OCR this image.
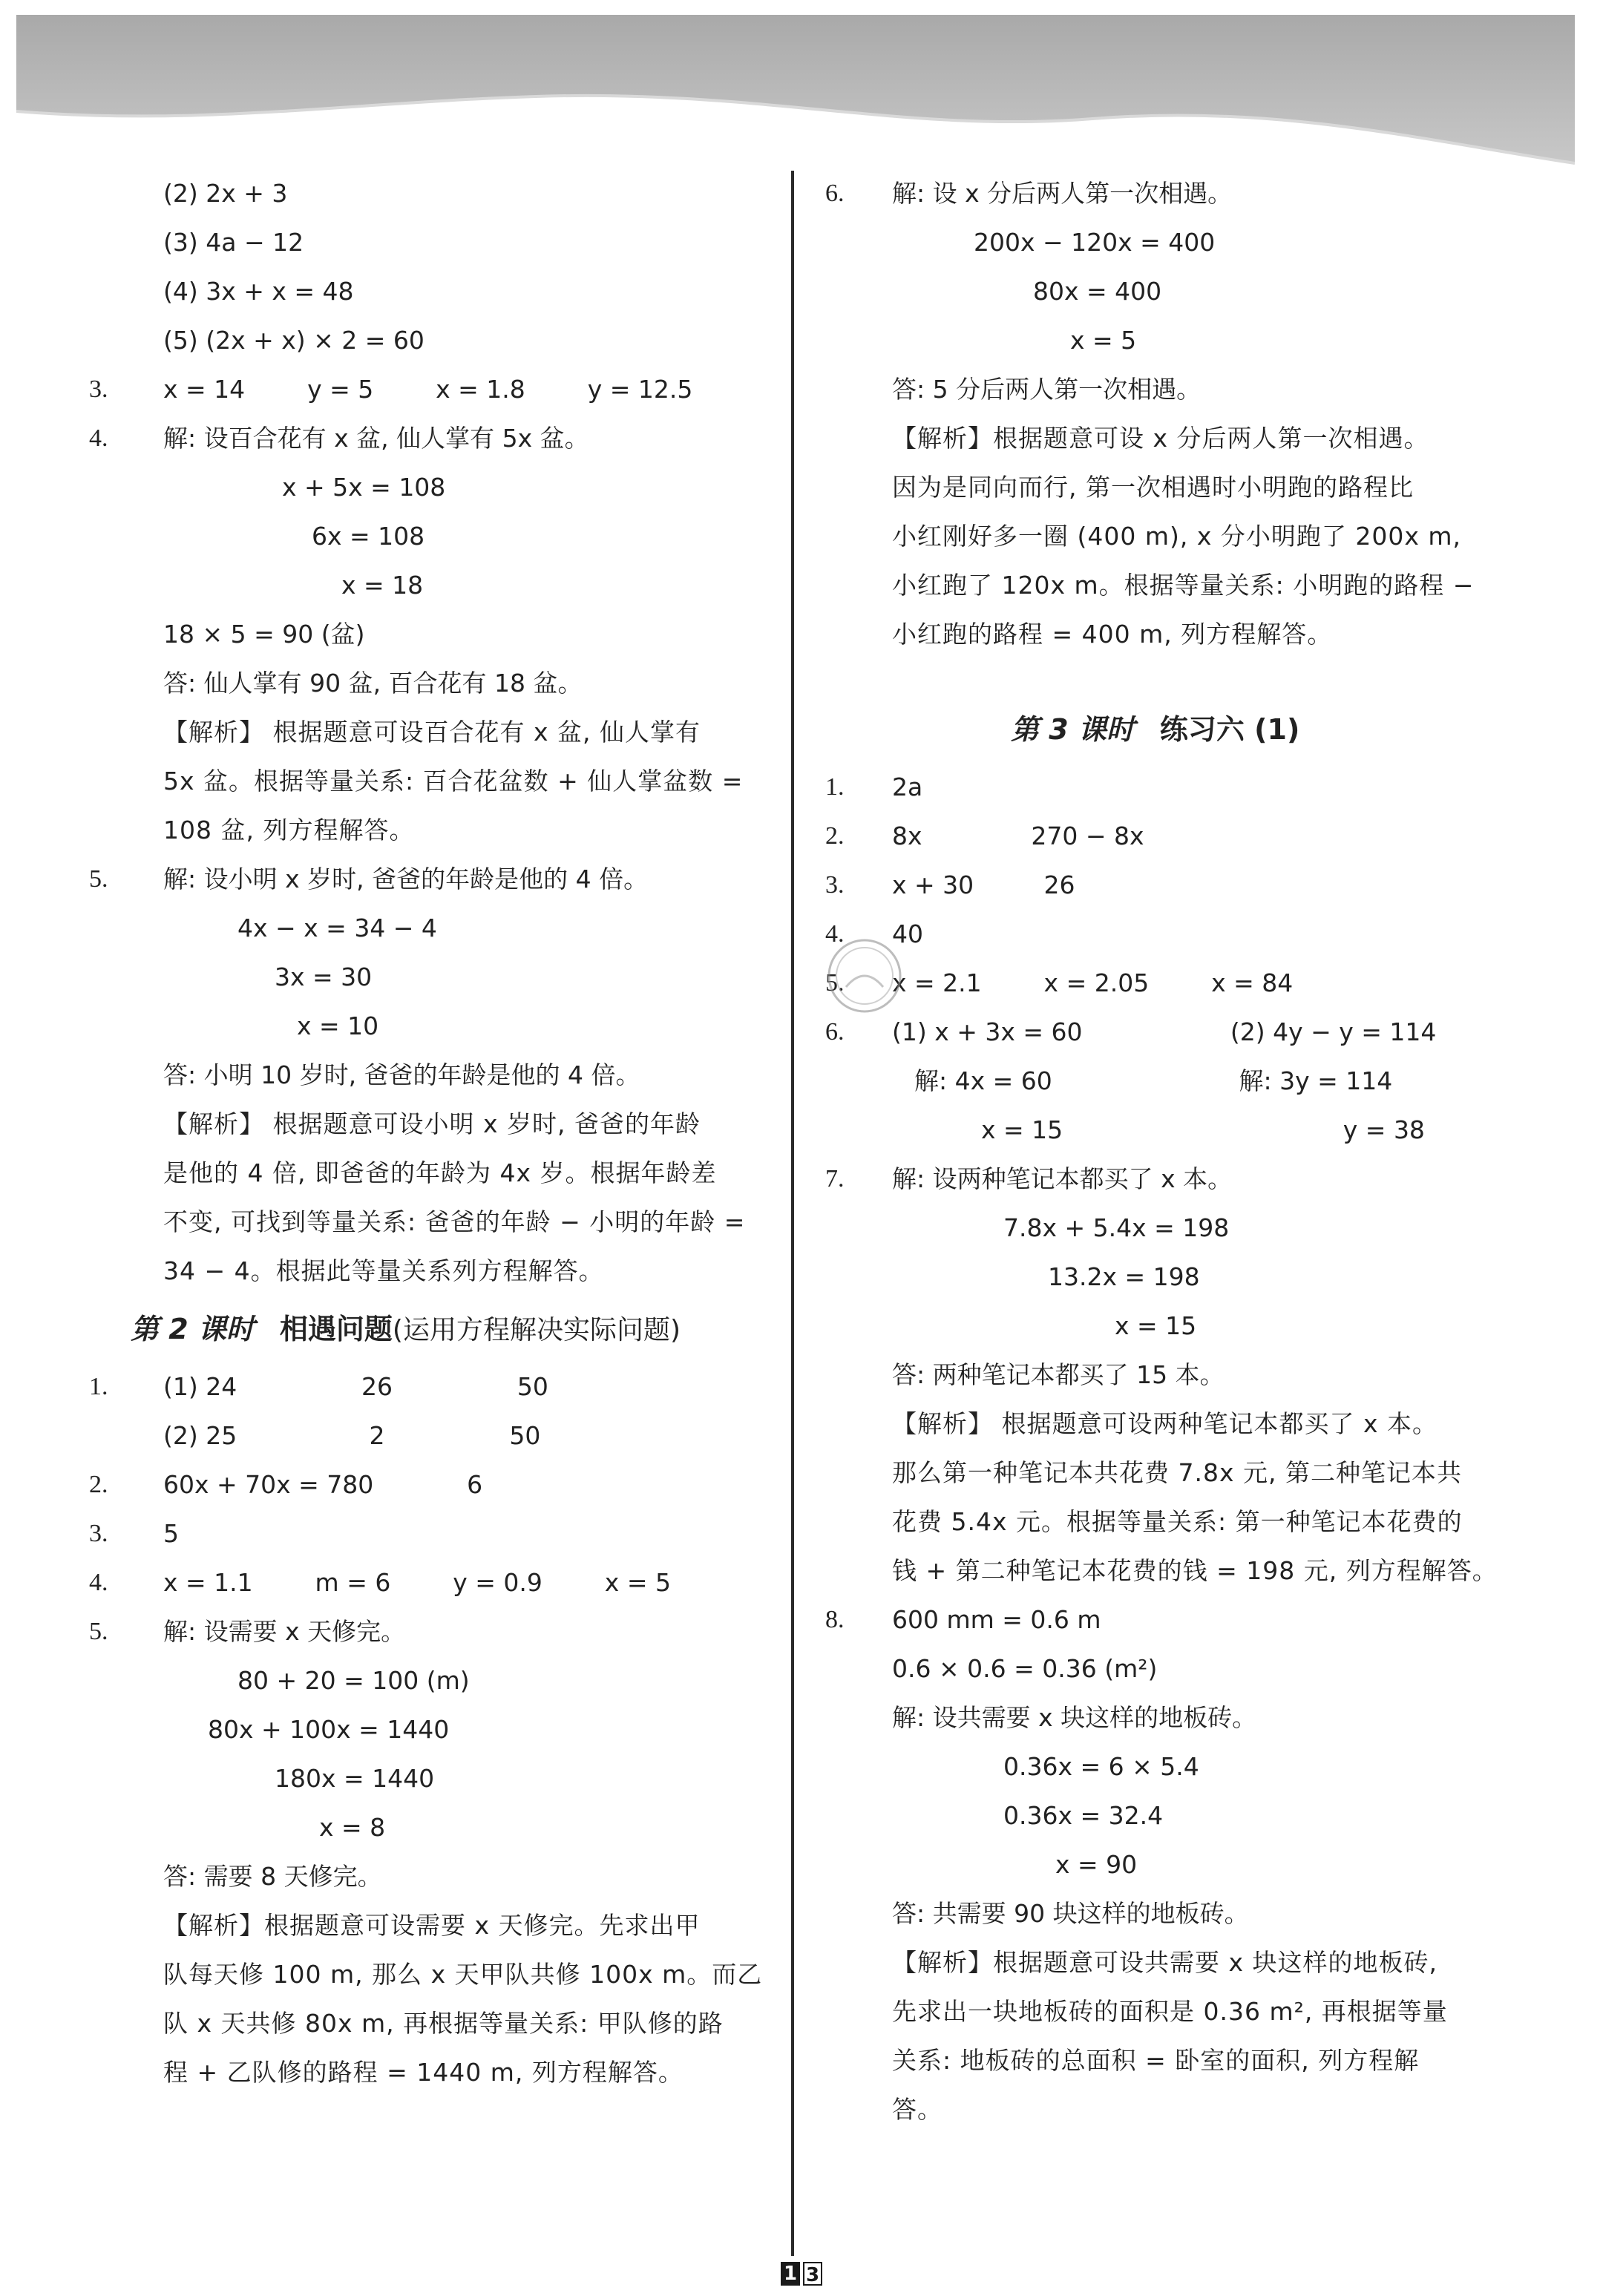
(2) 2x + 3
(3) 4a − 12
(4) 3x + x = 48
(5) (2x + x) × 2 = 60
3. x = 14        y = 5        x = 1.8        y = 12.5
4. 解: 设百合花有 x 盆, 仙人掌有 5x 盆。
x + 5x = 108
6x = 108
x = 18
18 × 5 = 90 (盆)
答: 仙人掌有 90 盆, 百合花有 18 盆。
【解析】 根据题意可设百合花有 x 盆, 仙人掌有
5x 盆。根据等量关系: 百合花盆数 + 仙人掌盆数 =
108 盆, 列方程解答。
5. 解: 设小明 x 岁时, 爸爸的年龄是他的 4 倍。
4x − x = 34 − 4
3x = 30
x = 10
答: 小明 10 岁时, 爸爸的年龄是他的 4 倍。
【解析】 根据题意可设小明 x 岁时, 爸爸的年龄
是他的 4 倍, 即爸爸的年龄为 4x 岁。根据年龄差
不变, 可找到等量关系: 爸爸的年龄 − 小明的年龄 =
34 − 4。根据此等量关系列方程解答。
第 2 课时 相遇问题(运用方程解决实际问题)
1. (1) 24                26                50
(2) 25                 2                50
2. 60x + 70x = 780            6
3. 5
4. x = 1.1        m = 6        y = 0.9        x = 5
5. 解: 设需要 x 天修完。
80 + 20 = 100 (m)
80x + 100x = 1440
180x = 1440
x = 8
答: 需要 8 天修完。
【解析】根据题意可设需要 x 天修完。先求出甲
队每天修 100 m, 那么 x 天甲队共修 100x m。而乙
队 x 天共修 80x m, 再根据等量关系: 甲队修的路
程 + 乙队修的路程 = 1440 m, 列方程解答。
6. 解: 设 x 分后两人第一次相遇。
200x − 120x = 400
80x = 400
x = 5
答: 5 分后两人第一次相遇。
【解析】根据题意可设 x 分后两人第一次相遇。
因为是同向而行, 第一次相遇时小明跑的路程比
小红刚好多一圈 (400 m), x 分小明跑了 200x m,
小红跑了 120x m。根据等量关系: 小明跑的路程 −
小红跑的路程 = 400 m, 列方程解答。
第 3 课时 练习六 (1)
1. 2a
2. 8x              270 − 8x
3. x + 30         26
4. 40
5. x = 2.1        x = 2.05        x = 84
6. (1) x + 3x = 60                   (2) 4y − y = 114
解: 4x = 60                        解: 3y = 114
x = 15                                    y = 38
7. 解: 设两种笔记本都买了 x 本。
7.8x + 5.4x = 198
13.2x = 198
x = 15
答: 两种笔记本都买了 15 本。
【解析】 根据题意可设两种笔记本都买了 x 本。
那么第一种笔记本共花费 7.8x 元, 第二种笔记本共
花费 5.4x 元。根据等量关系: 第一种笔记本花费的
钱 + 第二种笔记本花费的钱 = 198 元, 列方程解答。
8. 600 mm = 0.6 m
0.6 × 0.6 = 0.36 (m²)
解: 设共需要 x 块这样的地板砖。
0.36x = 6 × 5.4
0.36x = 32.4
x = 90
答: 共需要 90 块这样的地板砖。
【解析】根据题意可设共需要 x 块这样的地板砖,
先求出一块地板砖的面积是 0.36 m², 再根据等量
关系: 地板砖的总面积 = 卧室的面积, 列方程解
答。
1 3
